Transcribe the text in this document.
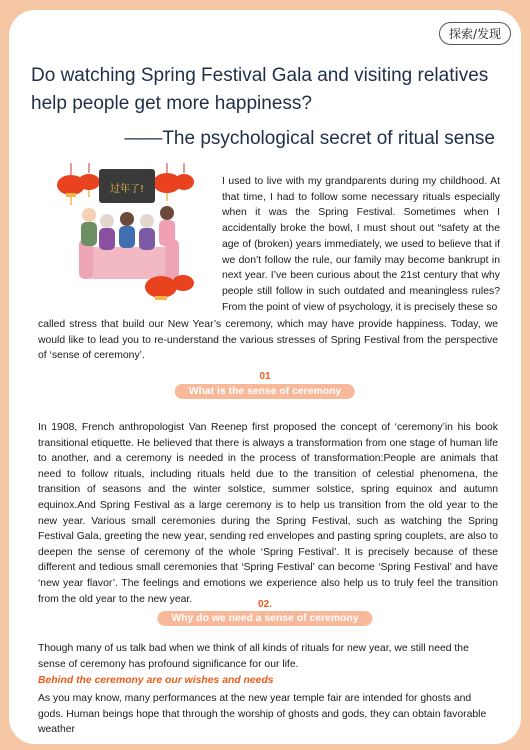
探索/发现
Do watching Spring Festival Gala and visiting relatives help people get more happiness?
——The psychological secret of ritual sense
过年了!

I used to live with my grandparents during my childhood. At that time, I had to follow some necessary rituals especially when it was the Spring Festival. Sometimes when I accidentally broke the bowl, I must shout out “safety at the age of (broken) years immediately, we used to believe that if we don’t follow the rule, our family may become bankrupt in next year. I’ve been curious about the 21st century that why people still follow in such outdated and meaningless rules? From the point of view of psychology, it is precisely these so

called stress that build our New Year’s ceremony, which may have provide happiness. Today, we would like to lead you to re-understand the various stresses of Spring Festival from the perspective of ‘sense of ceremony’.

01
What is the sense of ceremony

In 1908, French anthropologist Van Reenep first proposed the concept of ‘ceremony’in his book transitional etiquette. He believed that there is always a transformation from one stage of human life to another, and a ceremony is needed in the process of transformation:People are animals that need to follow rituals, including rituals held due to the transition of celestial phenomena, the transition of seasons and the winter solstice, summer solstice, spring equinox and autumn equinox.And Spring Festival as a large ceremony is to help us transition from the old year to the new year. Various small ceremonies during the Spring Festival, such as watching the Spring Festival Gala, greeting the new year, sending red envelopes and pasting spring couplets, are also to deepen the sense of ceremony of the whole ‘Spring Festival’. It is precisely because of these different and tedious small ceremonies that ‘Spring Festival’ can become ‘Spring Festival’ and have ‘new year flavor’. The feelings and emotions we experience also help us to truly feel the transition from the old year to the new year.	02.
Why do we need a sense of ceremony

Though many of us talk bad when we think of all kinds of rituals for new year, we still need the sense of ceremony has profound significance for our life.

Behind the ceremony are our wishes and needs

As you may know, many performances at the new year temple fair are intended for ghosts and gods. Human beings hope that through the worship of ghosts and gods, they can obtain favorable weather
